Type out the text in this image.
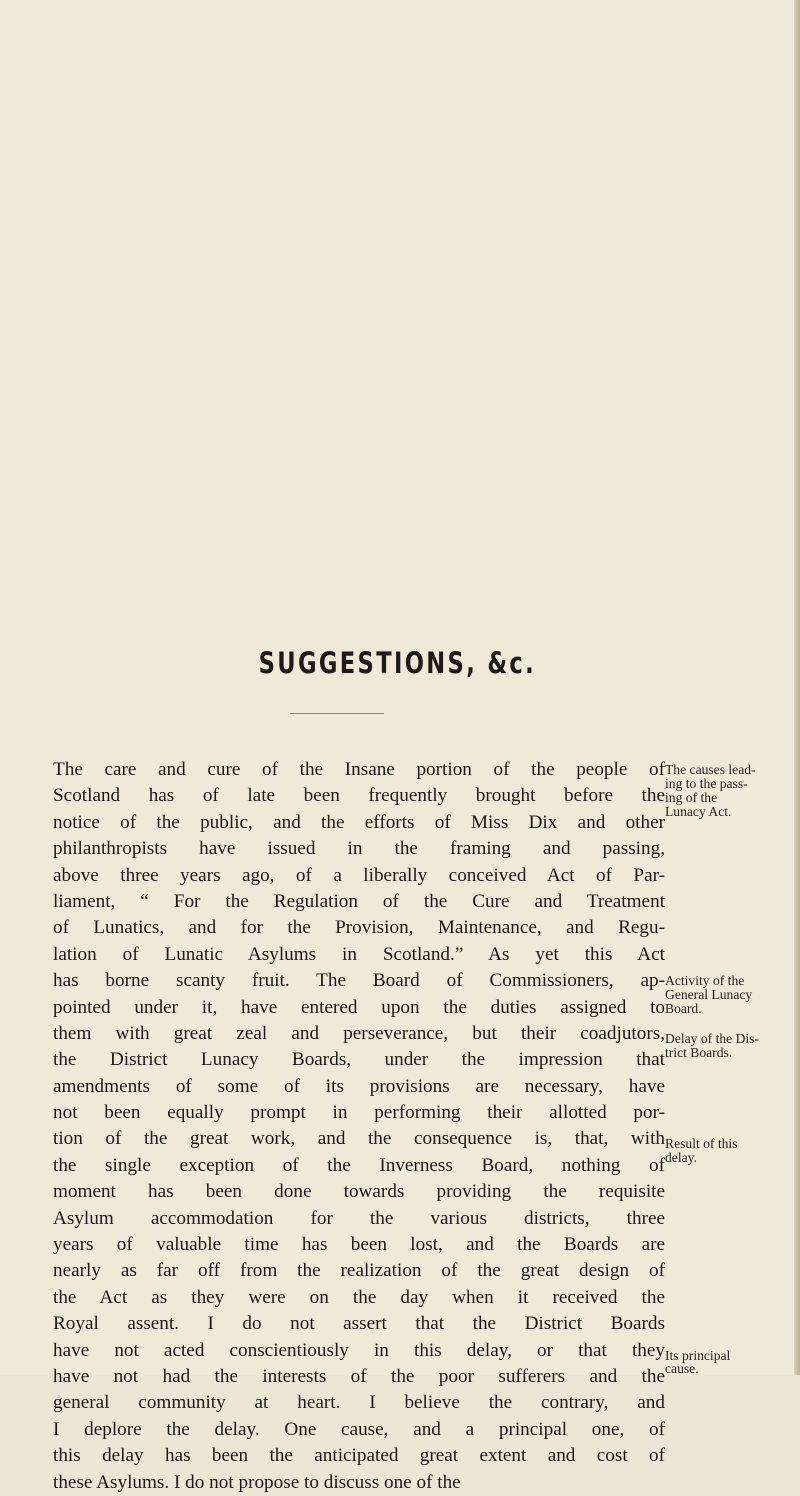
SUGGESTIONS, &c.
The care and cure of the Insane portion of the people of
Scotland has of late been frequently brought before the
notice of the public, and the efforts of Miss Dix and other
philanthropists have issued in the framing and passing,
above three years ago, of a liberally conceived Act of Par-
liament, “ For the Regulation of the Cure and Treatment
of Lunatics, and for the Provision, Maintenance, and Regu-
lation of Lunatic Asylums in Scotland.” As yet this Act
has borne scanty fruit. The Board of Commissioners, ap-
pointed under it, have entered upon the duties assigned to
them with great zeal and perseverance, but their coadjutors,
the District Lunacy Boards, under the impression that
amendments of some of its provisions are necessary, have
not been equally prompt in performing their allotted por-
tion of the great work, and the consequence is, that, with
the single exception of the Inverness Board, nothing of
moment has been done towards providing the requisite
Asylum accommodation for the various districts, three
years of valuable time has been lost, and the Boards are
nearly as far off from the realization of the great design of
the Act as they were on the day when it received the
Royal assent. I do not assert that the District Boards
have not acted conscientiously in this delay, or that they
have not had the interests of the poor sufferers and the
general community at heart. I believe the contrary, and
I deplore the delay. One cause, and a principal one, of
this delay has been the anticipated great extent and cost of
these Asylums. I do not propose to discuss one of the
The causes lead-
ing to the pass-
ing of the
Lunacy Act.
Activity of the
General Lunacy
Board.
Delay of the Dis-
trict Boards.
Result of this
delay.
Its principal
cause.
